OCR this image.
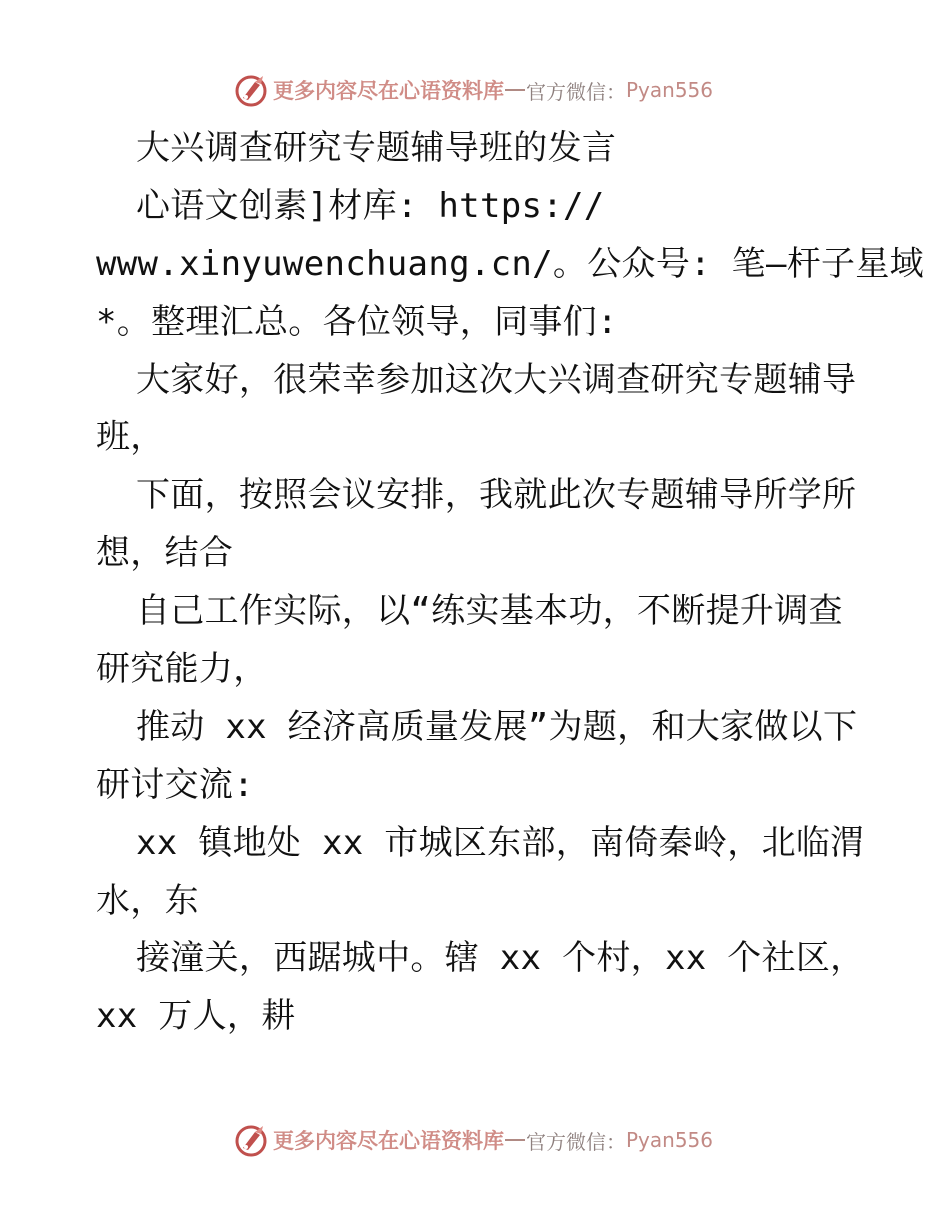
更多内容尽在心语资料库 官方微信： Pyan556
大兴调查研究专题辅导班的发言
心语文创素]材库: https://
www.xinyuwenchuang.cn/。公众号: 笔—杆子星域
*。整理汇总。各位领导，同事们:
大家好，很荣幸参加这次大兴调查研究专题辅导
班，
下面，按照会议安排，我就此次专题辅导所学所
想，结合
自己工作实际，以“练实基本功，不断提升调查
研究能力，
推动 xx 经济高质量发展”为题，和大家做以下
研讨交流:
xx 镇地处 xx 市城区东部，南倚秦岭，北临渭
水，东
接潼关，西踞城中。辖 xx 个村，xx 个社区，
xx 万人，耕
更多内容尽在心语资料库 官方微信： Pyan556
